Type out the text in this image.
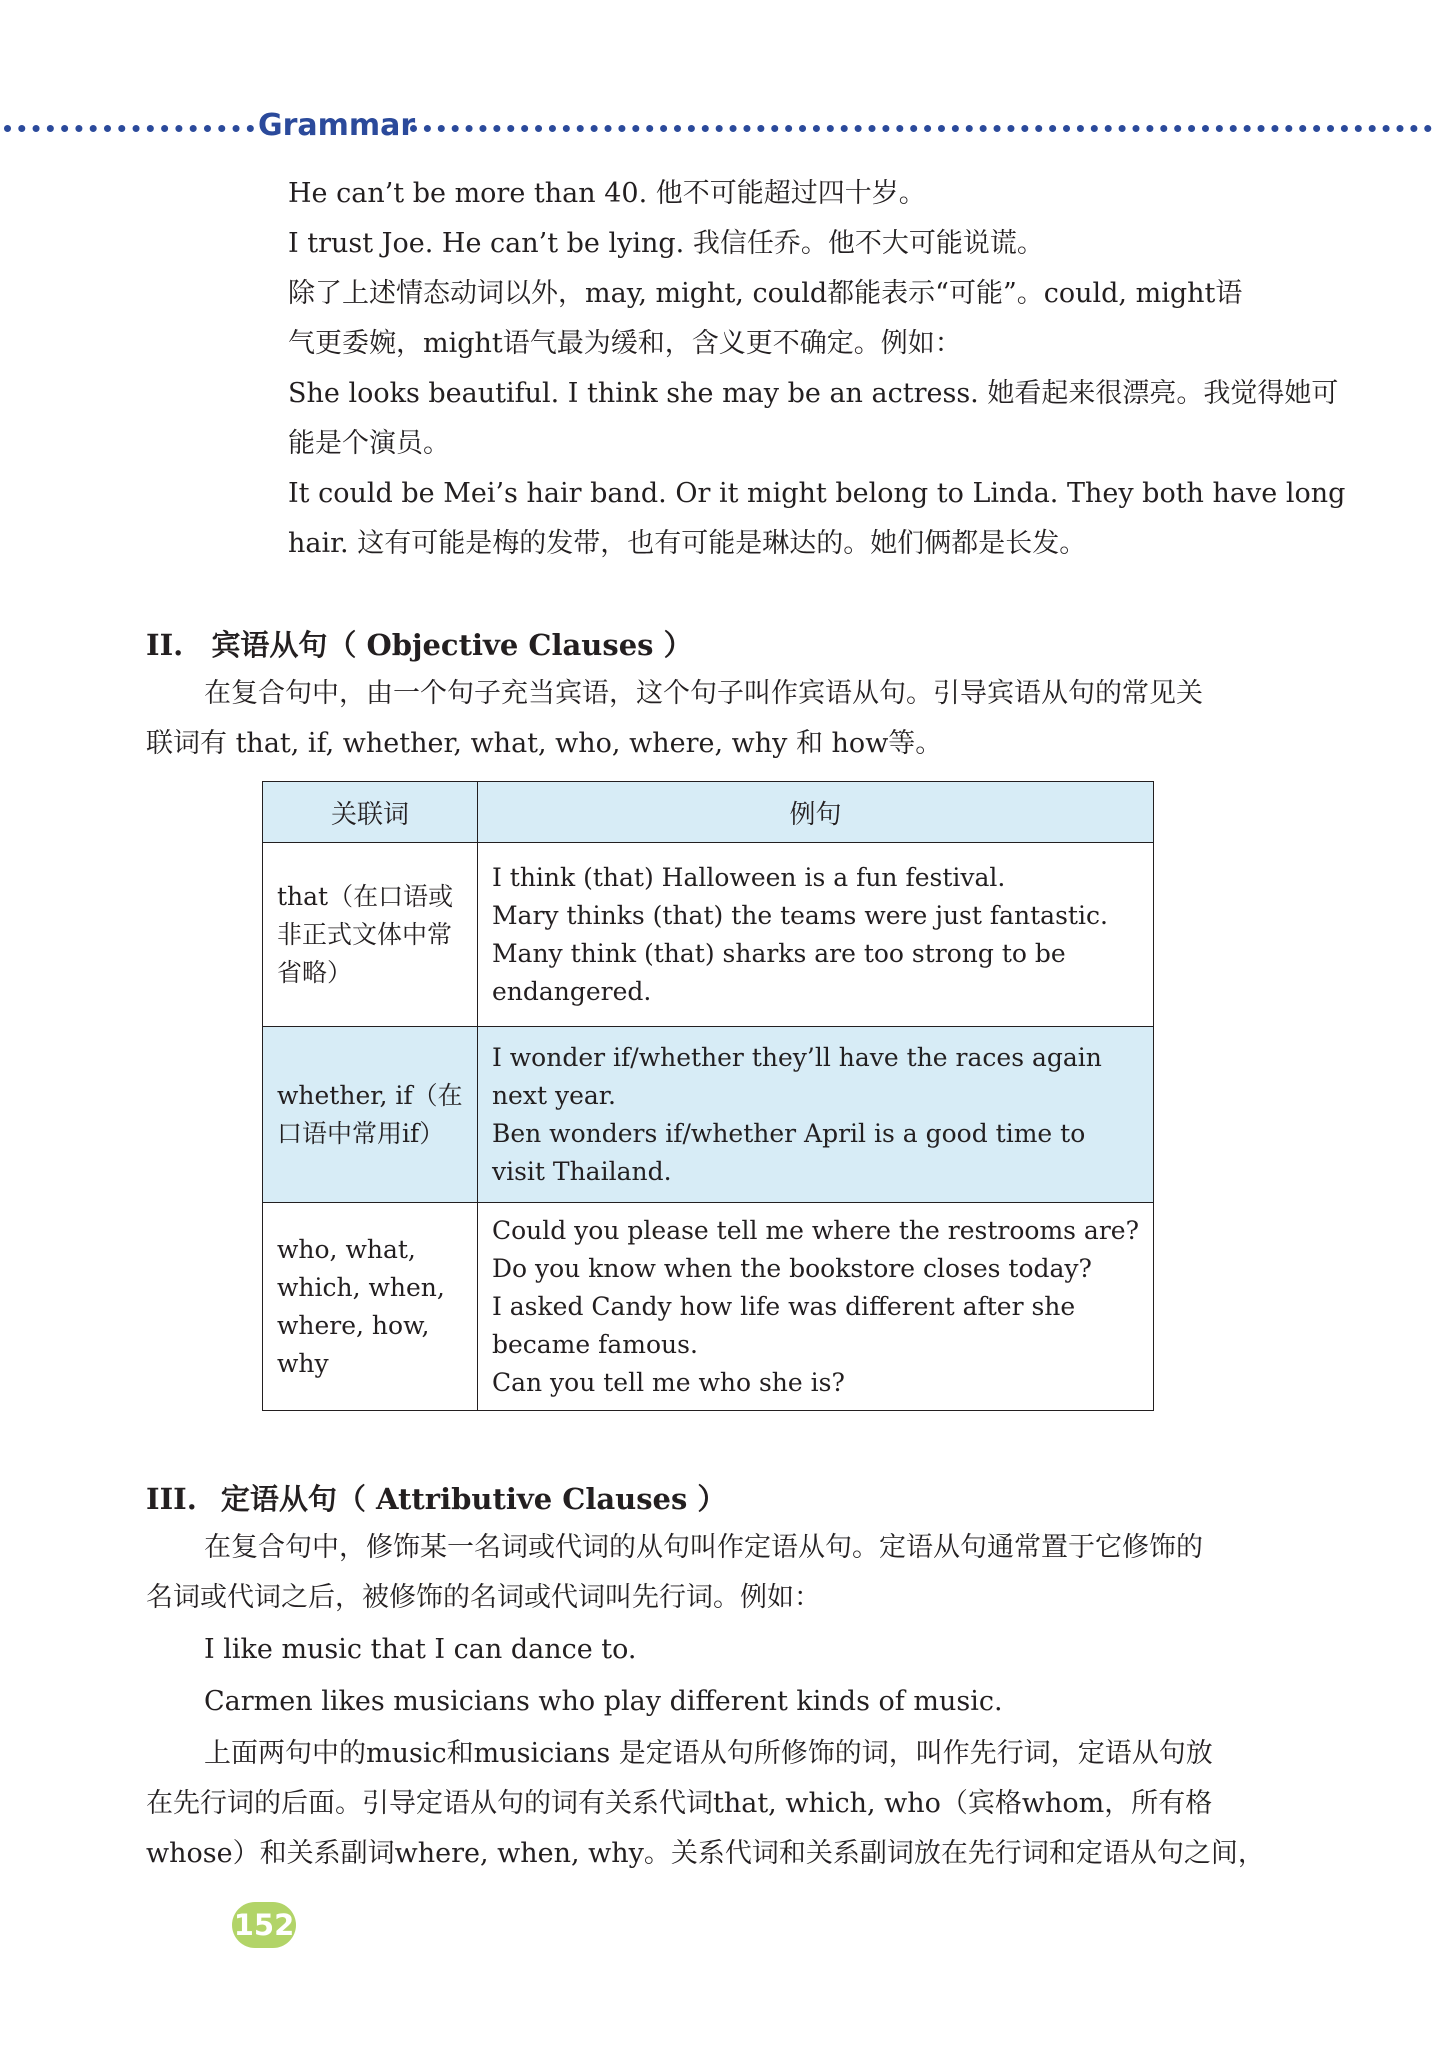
Grammar

He can’t be more than 40. 他不可能超过四十岁。

I trust Joe. He can’t be lying. 我信任乔。他不大可能说谎。

除了上述情态动词以外，may, might, could都能表示“可能”。could, might语

气更委婉，might语气最为缓和，含义更不确定。例如：

She looks beautiful. I think she may be an actress. 她看起来很漂亮。我觉得她可

能是个演员。

It could be Mei’s hair band. Or it might belong to Linda. They both have long

hair. 这有可能是梅的发带，也有可能是琳达的。她们俩都是长发。

II. 宾语从句（ Objective Clauses ）

在复合句中，由一个句子充当宾语，这个句子叫作宾语从句。引导宾语从句的常见关

联词有 that, if, whether, what, who, where, why 和 how等。

关联词	例句
that（在口语或非正式文体中常省略）	I think (that) Halloween is a fun festival.
Mary thinks (that) the teams were just fantastic.
Many think (that) sharks are too strong to be
endangered.

whether, if（在口语中常用if）	I wonder if/whether they’ll have the races again
next year.
Ben wonders if/whether April is a good time to
visit Thailand.

who, what, which, when, where, how, why	Could you please tell me where the restrooms are?
Do you know when the bookstore closes today?
I asked Candy how life was different after she
became famous.
Can you tell me who she is?
III. 定语从句（ Attributive Clauses ）

在复合句中，修饰某一名词或代词的从句叫作定语从句。定语从句通常置于它修饰的

名词或代词之后，被修饰的名词或代词叫先行词。例如：

I like music that I can dance to.

Carmen likes musicians who play different kinds of music.

上面两句中的music和musicians 是定语从句所修饰的词，叫作先行词，定语从句放

在先行词的后面。引导定语从句的词有关系代词that, which, who（宾格whom，所有格

whose）和关系副词where, when, why。关系代词和关系副词放在先行词和定语从句之间，

152
